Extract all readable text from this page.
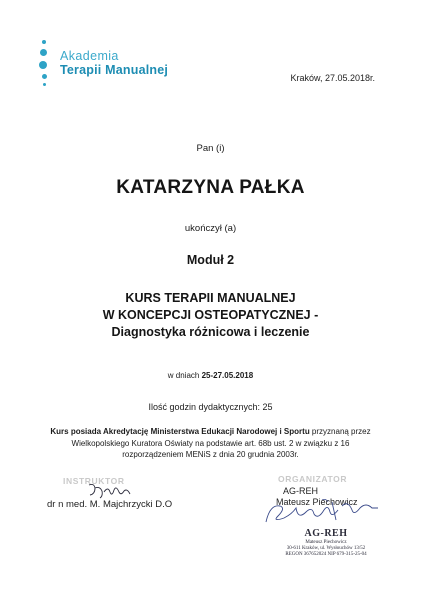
Akademia
Terapii Manualnej
Kraków, 27.05.2018r.
Pan (i)
KATARZYNA PAŁKA
ukończył (a)
Moduł 2
KURS TERAPII MANUALNEJ
W KONCEPCJI OSTEOPATYCZNEJ -
Diagnostyka różnicowa i leczenie
w dniach 25-27.05.2018
Ilość godzin dydaktycznych: 25
Kurs posiada Akredytację Ministerstwa Edukacji Narodowej i Sportu przyznaną przez
Wielkopolskiego Kuratora Oświaty na podstawie art. 68b ust. 2 w związku z 16
rozporządzeniem MENiS z dnia 20 grudnia 2003r.
INSTRUKTOR
dr n med. M. Majchrzycki D.O
ORGANIZATOR
AG-REH
Mateusz Piechowicz
AG-REH
Mateusz Piechowicz
30-611 Kraków, ul. Wysłouchów 13/52
REGON 367652024 NIP 679-315-25-04
